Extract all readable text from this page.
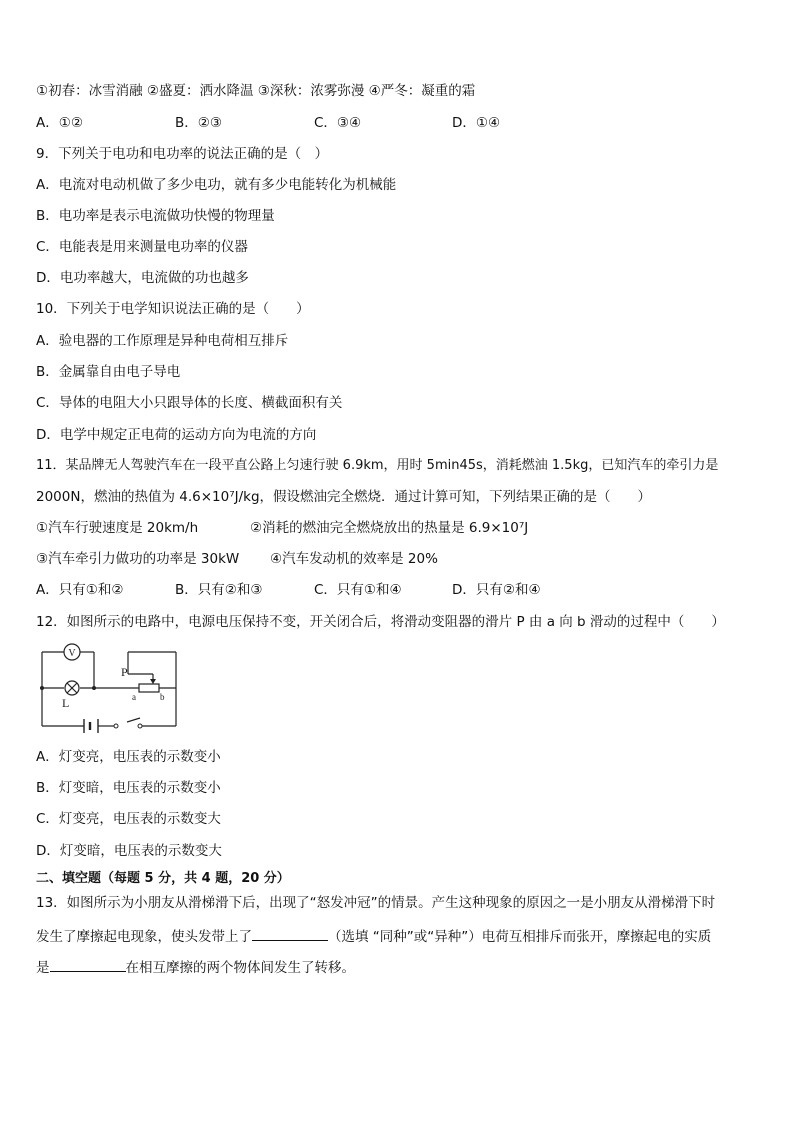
①初春：冰雪消融 ②盛夏：洒水降温 ③深秋：浓雾弥漫 ④严冬：凝重的霜
A．①②	B．②③	C．③④	D．①④
9．下列关于电功和电功率的说法正确的是（　）
A．电流对电动机做了多少电功，就有多少电能转化为机械能
B．电功率是表示电流做功快慢的物理量
C．电能表是用来测量电功率的仪器
D．电功率越大，电流做的功也越多
10．下列关于电学知识说法正确的是（　　）
A．验电器的工作原理是异种电荷相互排斥
B．金属靠自由电子导电
C．导体的电阻大小只跟导体的长度、横截面积有关
D．电学中规定正电荷的运动方向为电流的方向
11．某品牌无人驾驶汽车在一段平直公路上匀速行驶 6.9km，用时 5min45s，消耗燃油 1.5kg，已知汽车的牵引力是
2000N，燃油的热值为 4.6×10⁷J/kg，假设燃油完全燃烧．通过计算可知，下列结果正确的是（　　）
①汽车行驶速度是 20km/h	②消耗的燃油完全燃烧放出的热量是 6.9×10⁷J
③汽车牵引力做功的功率是 30kW ④汽车发动机的效率是 20%
A．只有①和②	B．只有②和③	C．只有①和④	D．只有②和④
12．如图所示的电路中，电源电压保持不变，开关闭合后，将滑动变阻器的滑片 P 由 a 向 b 滑动的过程中（　　）
V
P
a	b
L
A．灯变亮，电压表的示数变小
B．灯变暗，电压表的示数变小
C．灯变亮，电压表的示数变大
D．灯变暗，电压表的示数变大
二、填空题（每题 5 分，共 4 题，20 分）
13．如图所示为小朋友从滑梯滑下后，出现了“怒发冲冠”的情景。产生这种现象的原因之一是小朋友从滑梯滑下时
发生了摩擦起电现象，使头发带上了	（选填 “同种”或“异种”）电荷互相排斥而张开，摩擦起电的实质
是	在相互摩擦的两个物体间发生了转移。
